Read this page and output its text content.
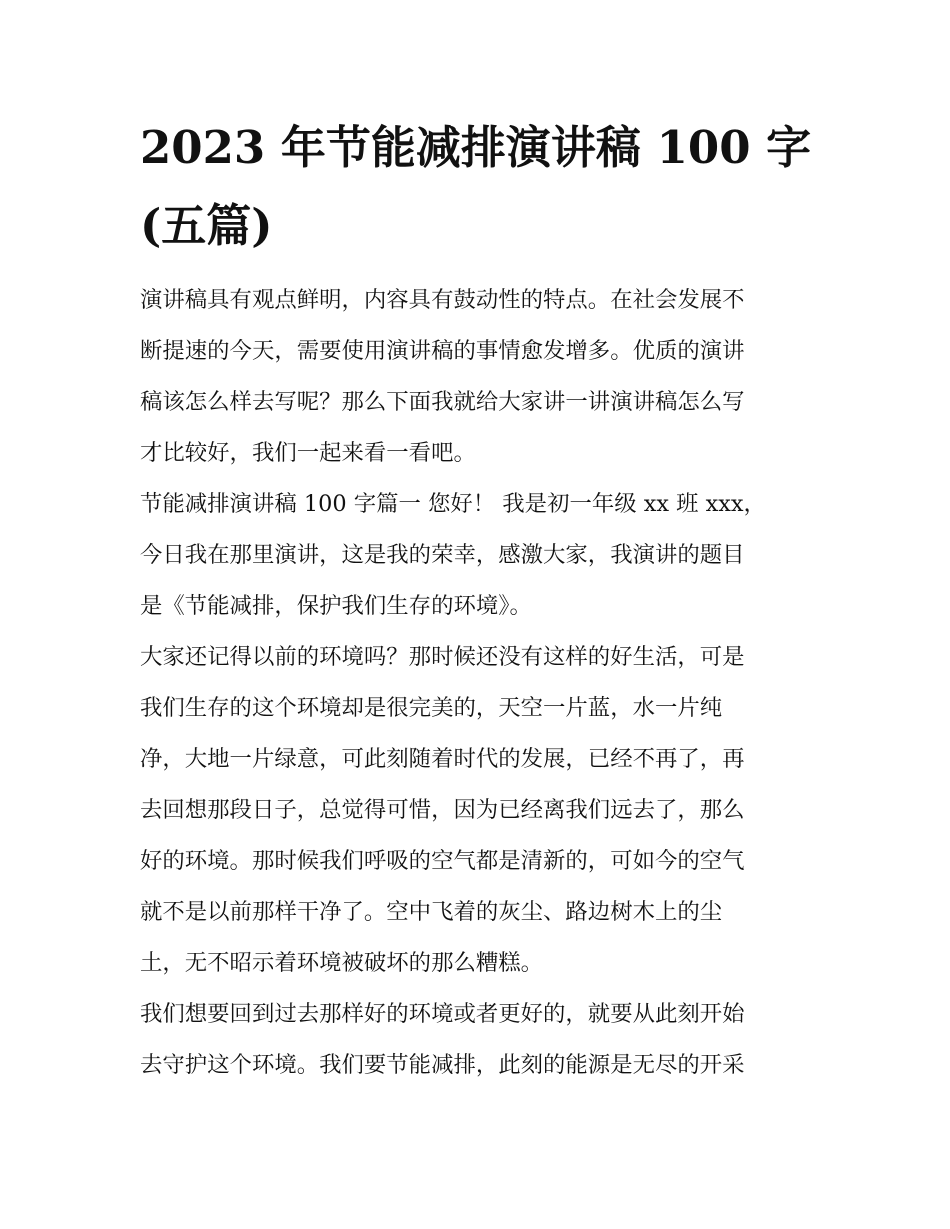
2023 年节能减排演讲稿 100 字
(五篇)

演讲稿具有观点鲜明，内容具有鼓动性的特点。在社会发展不

断提速的今天，需要使用演讲稿的事情愈发增多。优质的演讲

稿该怎么样去写呢？那么下面我就给大家讲一讲演讲稿怎么写

才比较好，我们一起来看一看吧。

节能减排演讲稿 100 字篇一 您好！ 我是初一年级 xx 班 xxx，

今日我在那里演讲，这是我的荣幸，感激大家，我演讲的题目

是《节能减排，保护我们生存的环境》。

大家还记得以前的环境吗？那时候还没有这样的好生活，可是

我们生存的这个环境却是很完美的，天空一片蓝，水一片纯

净，大地一片绿意，可此刻随着时代的发展，已经不再了，再

去回想那段日子，总觉得可惜，因为已经离我们远去了，那么

好的环境。那时候我们呼吸的空气都是清新的，可如今的空气

就不是以前那样干净了。空中飞着的灰尘、路边树木上的尘

土，无不昭示着环境被破坏的那么糟糕。

我们想要回到过去那样好的环境或者更好的，就要从此刻开始

去守护这个环境。我们要节能减排，此刻的能源是无尽的开采
